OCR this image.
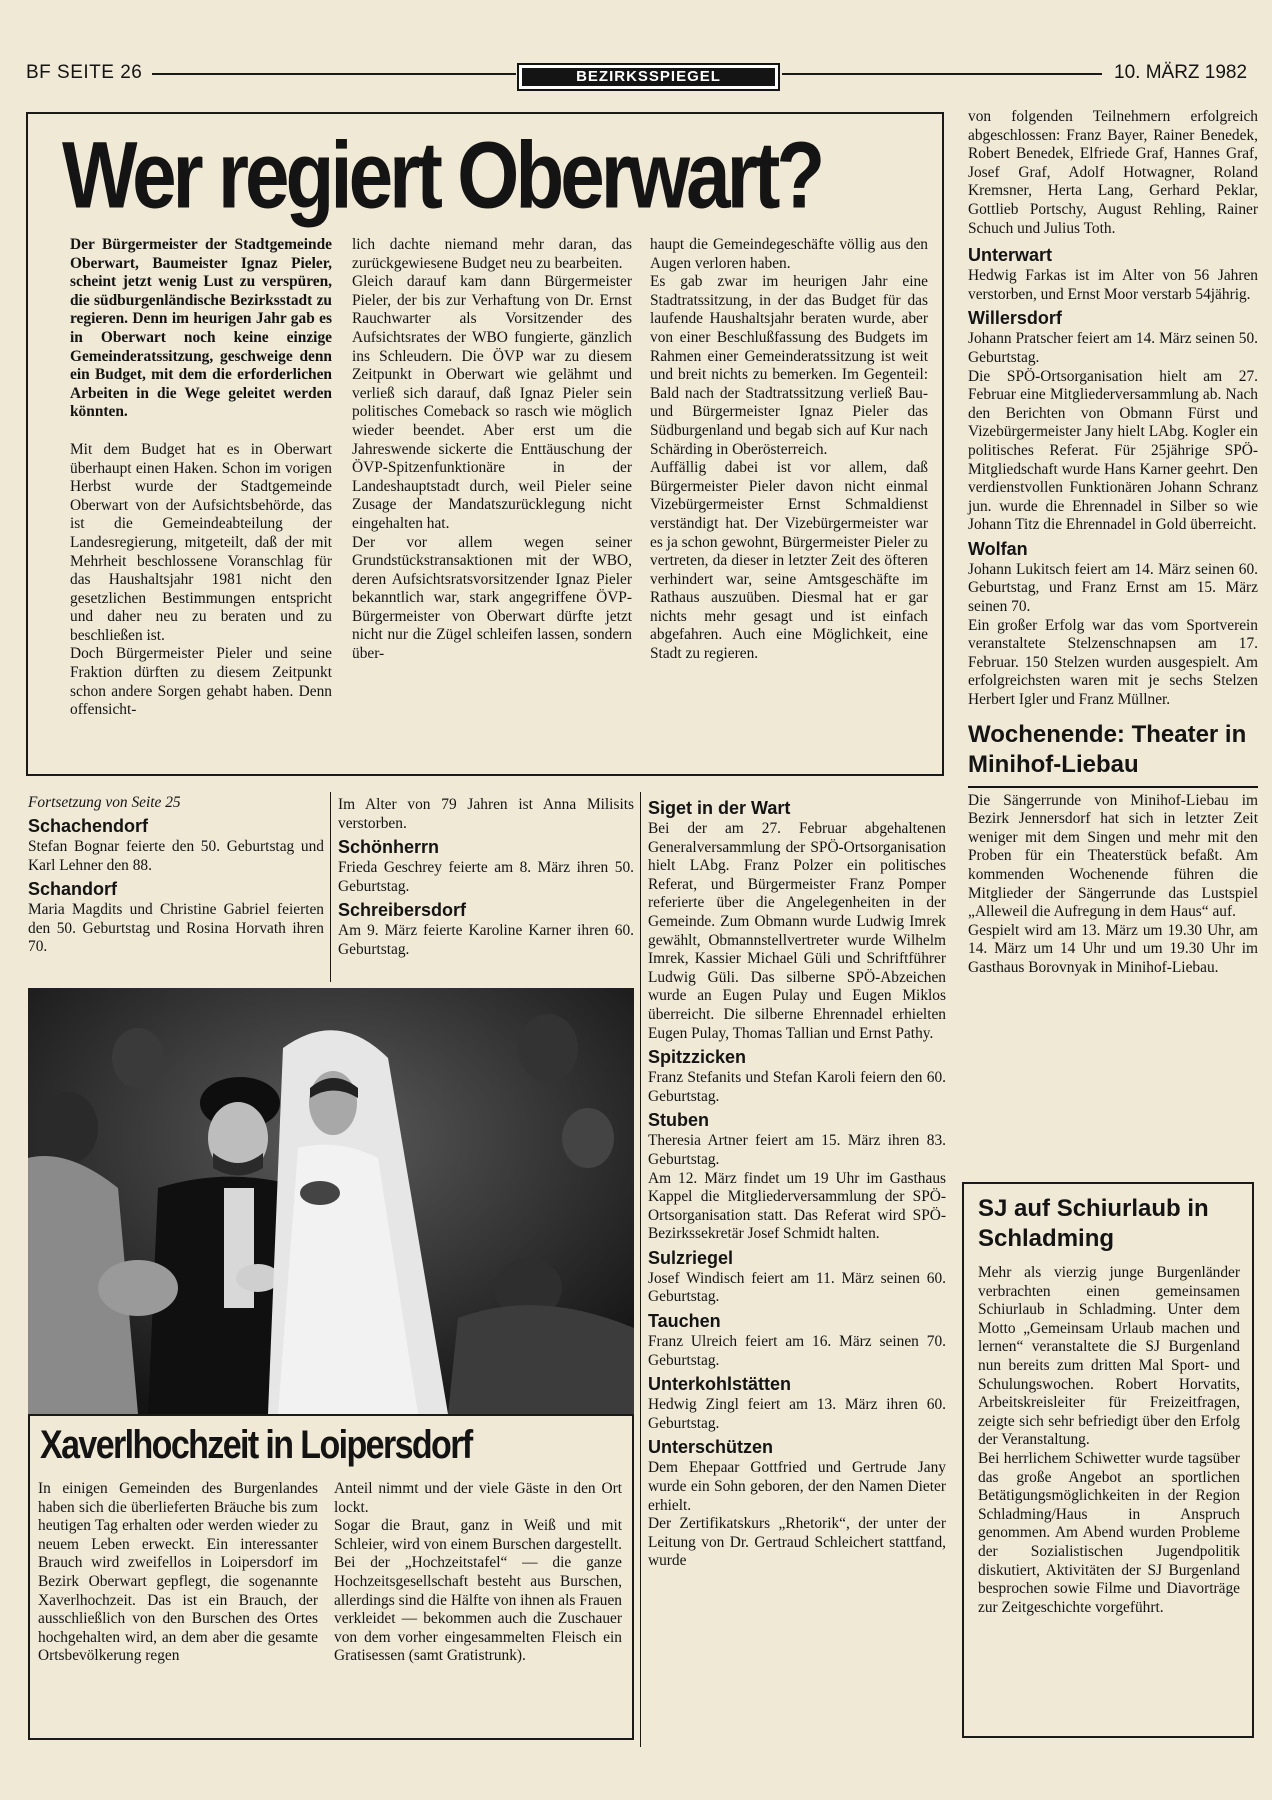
BF SEITE 26	BEZIRKSSPIEGEL	10. MÄRZ 1982
Wer regiert Oberwart?

Der Bürgermeister der Stadtgemeinde Oberwart, Baumeister Ignaz Pieler, scheint jetzt wenig Lust zu verspüren, die südburgenländische Bezirksstadt zu regieren. Denn im heurigen Jahr gab es in Oberwart noch keine einzige Gemeinderatssitzung, geschweige denn ein Budget, mit dem die erforderlichen Arbeiten in die Wege geleitet werden könnten.

Mit dem Budget hat es in Oberwart überhaupt einen Haken. Schon im vorigen Herbst wurde der Stadtgemeinde Oberwart von der Aufsichtsbehörde, das ist die Gemeindeabteilung der Landesregierung, mitgeteilt, daß der mit Mehrheit beschlossene Voranschlag für das Haushaltsjahr 1981 nicht den gesetzlichen Bestimmungen entspricht und daher neu zu beraten und zu beschließen ist.
Doch Bürgermeister Pieler und seine Fraktion dürften zu diesem Zeitpunkt schon andere Sorgen gehabt haben. Denn offensicht-

lich dachte niemand mehr daran, das zurückgewiesene Budget neu zu bearbeiten.
Gleich darauf kam dann Bürgermeister Pieler, der bis zur Verhaftung von Dr. Ernst Rauchwarter als Vorsitzender des Aufsichtsrates der WBO fungierte, gänzlich ins Schleudern. Die ÖVP war zu diesem Zeitpunkt in Oberwart wie gelähmt und verließ sich darauf, daß Ignaz Pieler sein politisches Comeback so rasch wie möglich wieder beendet. Aber erst um die Jahreswende sickerte die Enttäuschung der ÖVP-Spitzenfunktionäre in der Landeshauptstadt durch, weil Pieler seine Zusage der Mandatszurücklegung nicht eingehalten hat.
Der vor allem wegen seiner Grundstückstransaktionen mit der WBO, deren Aufsichtsratsvorsitzender Ignaz Pieler bekanntlich war, stark angegriffene ÖVP-Bürgermeister von Oberwart dürfte jetzt nicht nur die Zügel schleifen lassen, sondern über-

haupt die Gemeindegeschäfte völlig aus den Augen verloren haben.
Es gab zwar im heurigen Jahr eine Stadtratssitzung, in der das Budget für das laufende Haushaltsjahr beraten wurde, aber von einer Beschlußfassung des Budgets im Rahmen einer Gemeinderatssitzung ist weit und breit nichts zu bemerken. Im Gegenteil: Bald nach der Stadtratssitzung verließ Bau- und Bürgermeister Ignaz Pieler das Südburgenland und begab sich auf Kur nach Schärding in Oberösterreich.
Auffällig dabei ist vor allem, daß Bürgermeister Pieler davon nicht einmal Vizebürgermeister Ernst Schmaldienst verständigt hat. Der Vizebürgermeister war es ja schon gewohnt, Bürgermeister Pieler zu vertreten, da dieser in letzter Zeit des öfteren verhindert war, seine Amtsgeschäfte im Rathaus auszuüben. Diesmal hat er gar nichts mehr gesagt und ist einfach abgefahren. Auch eine Möglichkeit, eine Stadt zu regieren.

von folgenden Teilnehmern erfolgreich abgeschlossen: Franz Bayer, Rainer Benedek, Robert Benedek, Elfriede Graf, Hannes Graf, Josef Graf, Adolf Hotwagner, Roland Kremsner, Herta Lang, Gerhard Peklar, Gottlieb Portschy, August Rehling, Rainer Schuch und Julius Toth.

Unterwart

Hedwig Farkas ist im Alter von 56 Jahren verstorben, und Ernst Moor verstarb 54jährig.

Willersdorf

Johann Pratscher feiert am 14. März seinen 50. Geburtstag.
Die SPÖ-Ortsorganisation hielt am 27. Februar eine Mitgliederversammlung ab. Nach den Berichten von Obmann Fürst und Vizebürgermeister Jany hielt LAbg. Kogler ein politisches Referat. Für 25jährige SPÖ-Mitgliedschaft wurde Hans Karner geehrt. Den verdienstvollen Funktionären Johann Schranz jun. wurde die Ehrennadel in Silber so wie Johann Titz die Ehrennadel in Gold überreicht.

Wolfan

Johann Lukitsch feiert am 14. März seinen 60. Geburtstag, und Franz Ernst am 15. März seinen 70.
Ein großer Erfolg war das vom Sportverein veranstaltete Stelzenschnapsen am 17. Februar. 150 Stelzen wurden ausgespielt. Am erfolgreichsten waren mit je sechs Stelzen Herbert Igler und Franz Müllner.

Wochenende: Theater in Minihof-Liebau

Die Sängerrunde von Minihof-Liebau im Bezirk Jennersdorf hat sich in letzter Zeit weniger mit dem Singen und mehr mit den Proben für ein Theaterstück befaßt. Am kommenden Wochenende führen die Mitglieder der Sängerrunde das Lustspiel „Alleweil die Aufregung in dem Haus“ auf.
Gespielt wird am 13. März um 19.30 Uhr, am 14. März um 14 Uhr und um 19.30 Uhr im Gasthaus Borovnyak in Minihof-Liebau.

SJ auf Schiurlaub in Schladming

Mehr als vierzig junge Burgenländer verbrachten einen gemeinsamen Schiurlaub in Schladming. Unter dem Motto „Gemeinsam Urlaub machen und lernen“ veranstaltete die SJ Burgenland nun bereits zum dritten Mal Sport- und Schulungswochen. Robert Horvatits, Arbeitskreisleiter für Freizeitfragen, zeigte sich sehr befriedigt über den Erfolg der Veranstaltung.
Bei herrlichem Schiwetter wurde tagsüber das große Angebot an sportlichen Betätigungsmöglichkeiten in der Region Schladming/Haus in Anspruch genommen. Am Abend wurden Probleme der Sozialistischen Jugendpolitik diskutiert, Aktivitäten der SJ Burgenland besprochen sowie Filme und Diavorträge zur Zeitgeschichte vorgeführt.

Fortsetzung von Seite 25
Schachendorf

Stefan Bognar feierte den 50. Geburtstag und Karl Lehner den 88.

Schandorf

Maria Magdits und Christine Gabriel feierten den 50. Geburtstag und Rosina Horvath ihren 70.

Im Alter von 79 Jahren ist Anna Milisits verstorben.

Schönherrn

Frieda Geschrey feierte am 8. März ihren 50. Geburtstag.

Schreibersdorf

Am 9. März feierte Karoline Karner ihren 60. Geburtstag.

Siget in der Wart

Bei der am 27. Februar abgehaltenen Generalversammlung der SPÖ-Ortsorganisation hielt LAbg. Franz Polzer ein politisches Referat, und Bürgermeister Franz Pomper referierte über die Angelegenheiten in der Gemeinde. Zum Obmann wurde Ludwig Imrek gewählt, Obmannstellvertreter wurde Wilhelm Imrek, Kassier Michael Güli und Schriftführer Ludwig Güli. Das silberne SPÖ-Abzeichen wurde an Eugen Pulay und Eugen Miklos überreicht. Die silberne Ehrennadel erhielten Eugen Pulay, Thomas Tallian und Ernst Pathy.

Spitzzicken

Franz Stefanits und Stefan Karoli feiern den 60. Geburtstag.

Stuben

Theresia Artner feiert am 15. März ihren 83. Geburtstag.
Am 12. März findet um 19 Uhr im Gasthaus Kappel die Mitgliederversammlung der SPÖ-Ortsorganisation statt. Das Referat wird SPÖ-Bezirkssekretär Josef Schmidt halten.

Sulzriegel

Josef Windisch feiert am 11. März seinen 60. Geburtstag.

Tauchen

Franz Ulreich feiert am 16. März seinen 70. Geburtstag.

Unterkohlstätten

Hedwig Zingl feiert am 13. März ihren 60. Geburtstag.

Unterschützen

Dem Ehepaar Gottfried und Gertrude Jany wurde ein Sohn geboren, der den Namen Dieter erhielt.
Der Zertifikatskurs „Rhetorik“, der unter der Leitung von Dr. Gertraud Schleichert stattfand, wurde

Xaverlhochzeit in Loipersdorf

In einigen Gemeinden des Burgenlandes haben sich die überlieferten Bräuche bis zum heutigen Tag erhalten oder werden wieder zu neuem Leben erweckt. Ein interessanter Brauch wird zweifellos in Loipersdorf im Bezirk Oberwart gepflegt, die sogenannte Xaverlhochzeit. Das ist ein Brauch, der ausschließlich von den Burschen des Ortes hochgehalten wird, an dem aber die gesamte Ortsbevölkerung regen

Anteil nimmt und der viele Gäste in den Ort lockt.
Sogar die Braut, ganz in Weiß und mit Schleier, wird von einem Burschen dargestellt. Bei der „Hochzeitstafel“ — die ganze Hochzeitsgesellschaft besteht aus Burschen, allerdings sind die Hälfte von ihnen als Frauen verkleidet — bekommen auch die Zuschauer von dem vorher eingesammelten Fleisch ein Gratisessen (samt Gratistrunk).
